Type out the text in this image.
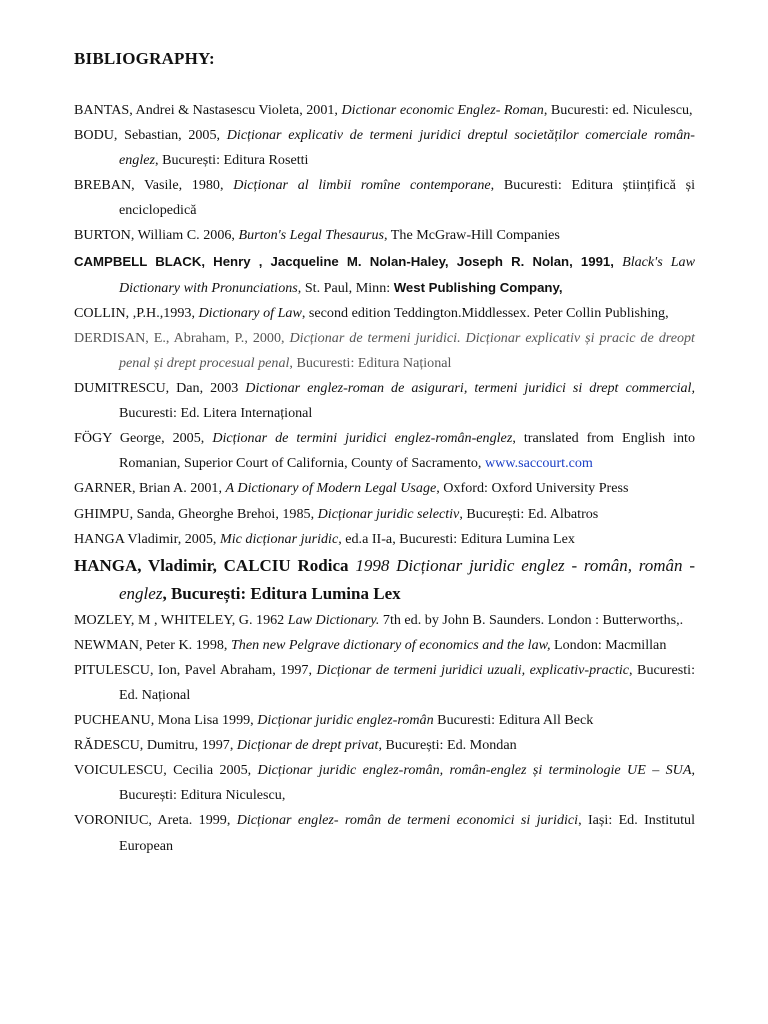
BIBLIOGRAPHY:
BANTAS, Andrei & Nastasescu Violeta, 2001, Dictionar economic Englez- Roman, Bucuresti: ed. Niculescu,
BODU, Sebastian, 2005, Dicționar explicativ de termeni juridici dreptul societăților comerciale român-englez, București: Editura Rosetti
BREBAN, Vasile, 1980, Dicționar al limbii romîne contemporane, Bucuresti: Editura științifică și enciclopedică
BURTON, William C. 2006, Burton's Legal Thesaurus, The McGraw-Hill Companies
CAMPBELL BLACK, Henry , Jacqueline M. Nolan-Haley, Joseph R. Nolan, 1991, Black's Law Dictionary with Pronunciations, St. Paul, Minn: West Publishing Company,
COLLIN, ,P.H.,1993, Dictionary of Law, second edition Teddington.Middlessex. Peter Collin Publishing,
DERDISAN, E., Abraham, P., 2000, Dicționar de termeni juridici. Dicționar explicativ și pracic de dreopt penal și drept procesual penal, Bucuresti: Editura Național
DUMITRESCU, Dan, 2003 Dictionar englez-roman de asigurari, termeni juridici si drept commercial, Bucuresti: Ed. Litera Internațional
FÖGY George, 2005, Dicționar de termini juridici englez-român-englez, translated from English into Romanian, Superior Court of California, County of Sacramento, www.saccourt.com
GARNER, Brian A. 2001, A Dictionary of Modern Legal Usage, Oxford: Oxford University Press
GHIMPU, Sanda, Gheorghe Brehoi, 1985, Dicționar juridic selectiv, București: Ed. Albatros
HANGA Vladimir, 2005, Mic dicționar juridic, ed.a II-a, Bucuresti: Editura Lumina Lex
HANGA, Vladimir, CALCIU Rodica 1998 Dicționar juridic englez - român, român - englez, București: Editura Lumina Lex
MOZLEY, M , WHITELEY, G. 1962 Law Dictionary. 7th ed. by John B. Saunders. London : Butterworths,.
NEWMAN, Peter K. 1998, Then new Pelgrave dictionary of economics and the law, London: Macmillan
PITULESCU, Ion, Pavel Abraham, 1997, Dicționar de termeni juridici uzuali, explicativ-practic, Bucuresti: Ed. Național
PUCHEANU, Mona Lisa 1999, Dicționar juridic englez-român Bucuresti: Editura All Beck
RĂDESCU, Dumitru, 1997, Dicționar de drept privat, București: Ed. Mondan
VOICULESCU, Cecilia 2005, Dicționar juridic englez-român, român-englez și terminologie UE – SUA, București: Editura Niculescu,
VORONIUC, Areta. 1999, Dicționar englez- român de termeni economici si juridici, Iași: Ed. Institutul European
